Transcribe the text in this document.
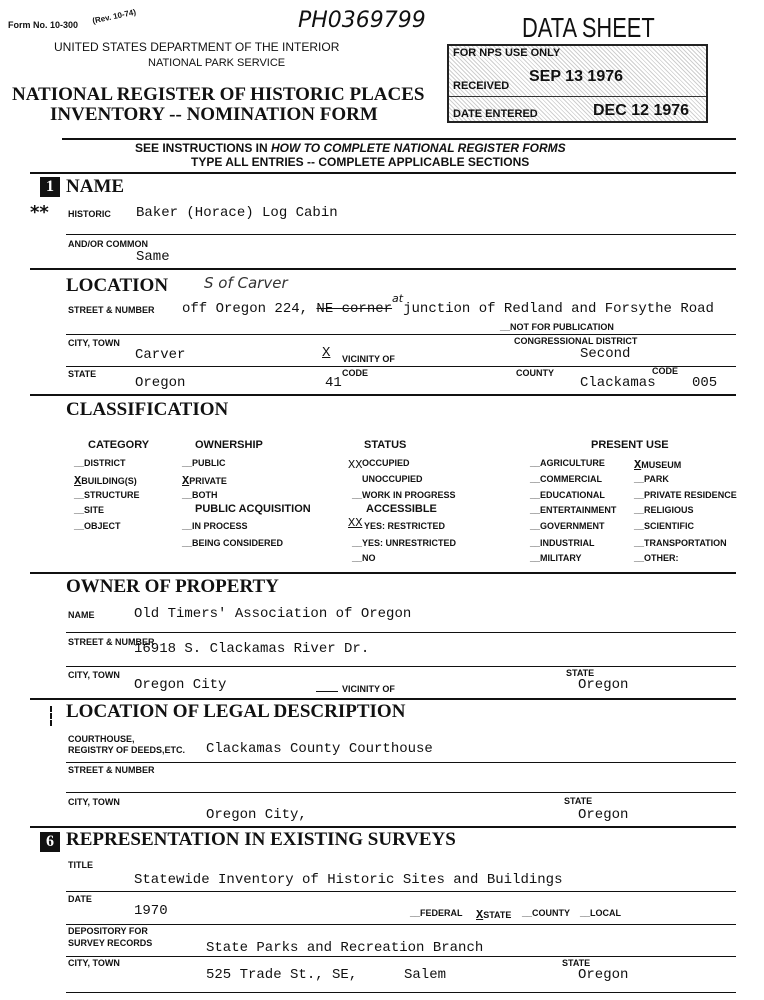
Form No. 10-300 (Rev. 10-74)	PH0369799
UNITED STATES DEPARTMENT OF THE INTERIOR
NATIONAL PARK SERVICE
NATIONAL REGISTER OF HISTORIC PLACES
INVENTORY -- NOMINATION FORM
DATA SHEET
FOR NPS USE ONLY
RECEIVED
SEP 13 1976
DATE ENTERED	DEC 12 1976
SEE INSTRUCTIONS IN HOW TO COMPLETE NATIONAL REGISTER FORMS
TYPE ALL ENTRIES -- COMPLETE APPLICABLE SECTIONS
1 NAME
** HISTORIC Baker (Horace) Log Cabin
AND/OR COMMON
Same
LOCATION S of Carver
STREET & NUMBER off Oregon 224, NE corner$^{at}$junction of Redland and Forsythe Road
__NOT FOR PUBLICATION
CITY, TOWN
Carver	X VICINITY OF
CONGRESSIONAL DISTRICT
Second
STATE
Oregon
CODE
41
COUNTY
Clackamas
CODE
005
CLASSIFICATION
CATEGORY
__DISTRICT
XBUILDING(S)
__STRUCTURE
__SITE
__OBJECT
OWNERSHIP
__PUBLIC
XPRIVATE
__BOTH
PUBLIC ACQUISITION
__IN PROCESS
__BEING CONSIDERED
STATUS
XX OCCUPIED
UNOCCUPIED
__WORK IN PROGRESS
ACCESSIBLE
XX YES: RESTRICTED
__YES: UNRESTRICTED
__NO
PRESENT USE
__AGRICULTURE
__COMMERCIAL
__EDUCATIONAL
__ENTERTAINMENT
__GOVERNMENT
__INDUSTRIAL
__MILITARY
XMUSEUM
__PARK
__PRIVATE RESIDENCE
__RELIGIOUS
__SCIENTIFIC
__TRANSPORTATION
__OTHER:
OWNER OF PROPERTY
NAME	Old Timers' Association of Oregon
STREET & NUMBER
16918 S. Clackamas River Dr.
CITY, TOWN
Oregon City	VICINITY OF
STATE
Oregon
LOCATION OF LEGAL DESCRIPTION
COURTHOUSE,
REGISTRY OF DEEDS,ETC. Clackamas County Courthouse
STREET & NUMBER
CITY, TOWN
Oregon City,
STATE
Oregon
6 REPRESENTATION IN EXISTING SURVEYS
TITLE
Statewide Inventory of Historic Sites and Buildings
DATE
1970	__FEDERAL XSTATE __COUNTY __LOCAL
DEPOSITORY FOR
SURVEY RECORDS	State Parks and Recreation Branch
CITY, TOWN
525 Trade St., SE,	Salem
STATE
Oregon
